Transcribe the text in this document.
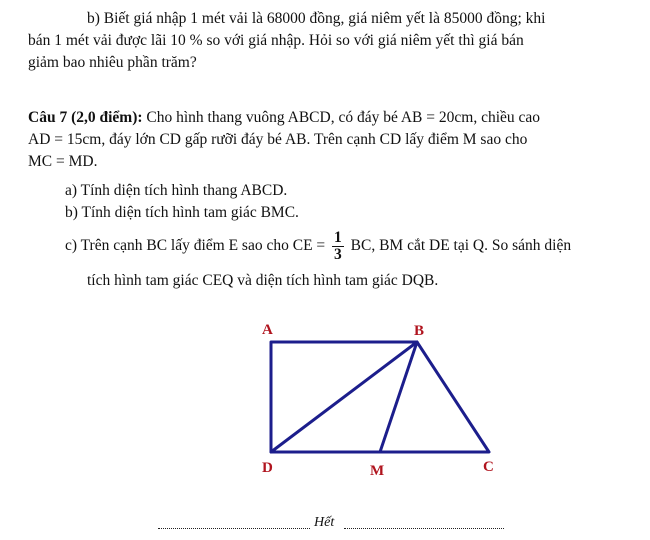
b) Biết giá nhập 1 mét vải là 68000 đồng, giá niêm yết là 85000 đồng; khi
bán 1 mét vải được lãi 10 % so với giá nhập. Hỏi so với giá niêm yết thì giá bán
giảm bao nhiêu phần trăm?
Câu 7 (2,0 điểm): Cho hình thang vuông ABCD, có đáy bé AB = 20cm, chiều cao
AD = 15cm, đáy lớn CD gấp rưỡi đáy bé AB. Trên cạnh CD lấy điểm M sao cho
MC = MD.
a) Tính diện tích hình thang ABCD.
b) Tính diện tích hình tam giác BMC.
c) Trên cạnh BC lấy điểm E sao cho CE = $\frac{1}{3}$ BC, BM cắt DE tại Q. So sánh diện
tích hình tam giác CEQ và diện tích hình tam giác DQB.
A	B
C
D	M
Hết
